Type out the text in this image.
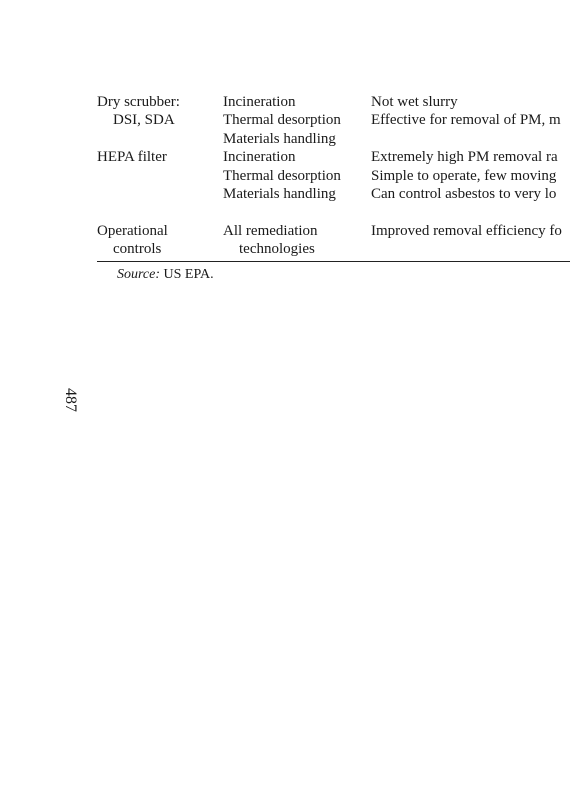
Dry scrubber:
DSI, SDA
Incineration
Thermal desorption
Materials handling
Not wet slurry
Effective for removal of PM, m
HEPA filter	Incineration
Thermal desorption
Materials handling
Extremely high PM removal ra
Simple to operate, few moving
Can control asbestos to very lo
Operational
controls
All remediation
technologies
Improved removal efficiency fo
Source: US EPA.
487
